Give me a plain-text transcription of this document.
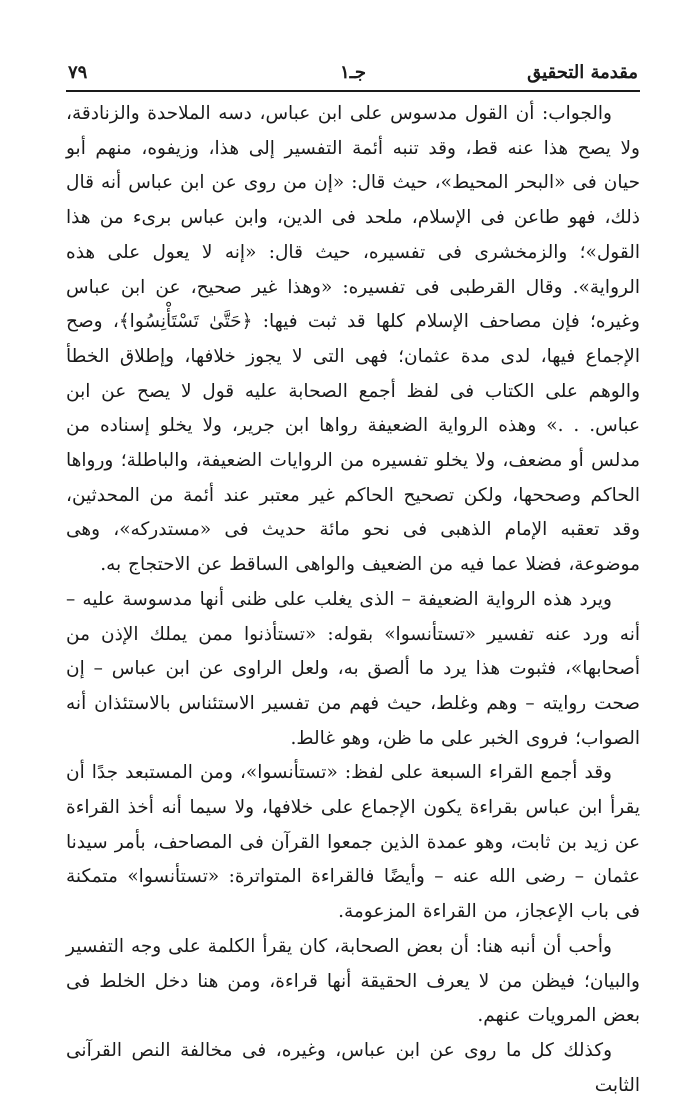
مقدمة التحقيق
جـ١
٧٩

والجواب: أن القول مدسوس على ابن عباس، دسه الملاحدة والزنادقة، ولا يصح هذا عنه قط، وقد تنبه أئمة التفسير إلى هذا، وزيفوه، منهم أبو حيان فى «البحر المحيط»، حيث قال: «إن من روى عن ابن عباس أنه قال ذلك، فهو طاعن فى الإسلام، ملحد فى الدين، وابن عباس برىء من هذا القول»؛ والزمخشرى فى تفسيره، حيث قال: «إنه لا يعول على هذه الرواية». وقال القرطبى فى تفسيره: «وهذا غير صحيح، عن ابن عباس وغيره؛ فإن مصاحف الإسلام كلها قد ثبت فيها: ﴿حَتَّىٰ تَسْتَأْنِسُوا﴾، وصح الإجماع فيها، لدى مدة عثمان؛ فهى التى لا يجوز خلافها، وإطلاق الخطأ والوهم على الكتاب فى لفظ أجمع الصحابة عليه قول لا يصح عن ابن عباس. . .» وهذه الرواية الضعيفة رواها ابن جرير، ولا يخلو إسناده من مدلس أو مضعف، ولا يخلو تفسيره من الروايات الضعيفة، والباطلة؛ ورواها الحاكم وصححها، ولكن تصحيح الحاكم غير معتبر عند أئمة من المحدثين، وقد تعقبه الإمام الذهبى فى نحو مائة حديث فى «مستدركه»، وهى موضوعة، فضلا عما فيه من الضعيف والواهى الساقط عن الاحتجاج به.

ويرد هذه الرواية الضعيفة – الذى يغلب على ظنى أنها مدسوسة عليه – أنه ورد عنه تفسير «تستأنسوا» بقوله: «تستأذنوا ممن يملك الإذن من أصحابها»، فثبوت هذا يرد ما ألصق به، ولعل الراوى عن ابن عباس – إن صحت روايته – وهم وغلط، حيث فهم من تفسير الاستئناس بالاستئذان أنه الصواب؛ فروى الخبر على ما ظن، وهو غالط.

وقد أجمع القراء السبعة على لفظ: «تستأنسوا»، ومن المستبعد جدًا أن يقرأ ابن عباس بقراءة يكون الإجماع على خلافها، ولا سيما أنه أخذ القراءة عن زيد بن ثابت، وهو عمدة الذين جمعوا القرآن فى المصاحف، بأمر سيدنا عثمان – رضى الله عنه – وأيضًا فالقراءة المتواترة: «تستأنسوا» متمكنة فى باب الإعجاز، من القراءة المزعومة.

وأحب أن أنبه هنا: أن بعض الصحابة، كان يقرأ الكلمة على وجه التفسير والبيان؛ فيظن من لا يعرف الحقيقة أنها قراءة، ومن هنا دخل الخلط فى بعض المرويات عنهم.

وكذلك كل ما روى عن ابن عباس، وغيره، فى مخالفة النص القرآنى الثابت
